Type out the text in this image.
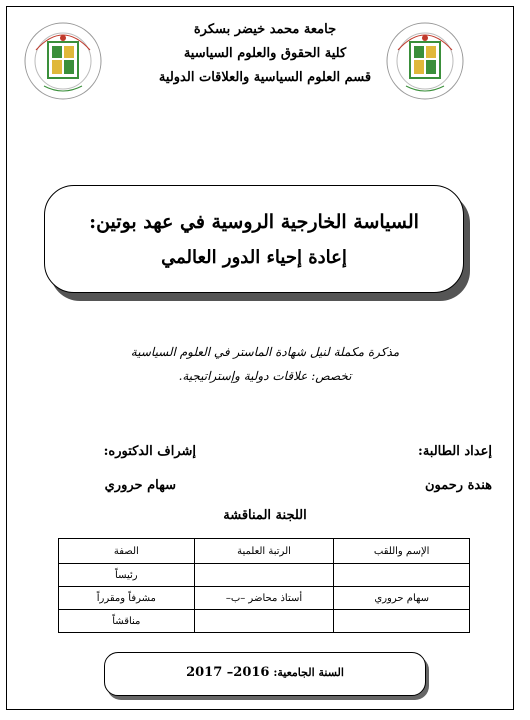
جامعة محمد خيضر بسكرة
كلية الحقوق والعلوم السياسية
قسم العلوم السياسية والعلاقات الدولية
السياسة الخارجية الروسية في عهد بوتين:
إعادة إحياء الدور العالمي
مذكرة مكملة لنيل شهادة الماستر في العلوم السياسية
تخصص: علاقات دولية وإستراتيجية.
إعداد الطالبة:
إشراف الدكتوره:
هندة رحمون
سهام حروري
اللجنة المناقشة
الإسم واللقب	الرتبة العلمية	الصفة
		رئيساً
سهام حروري	أستاذ محاضر –ب–	مشرفاً ومقرراً
		مناقشاً
السنة الجامعية: 2016– 2017
